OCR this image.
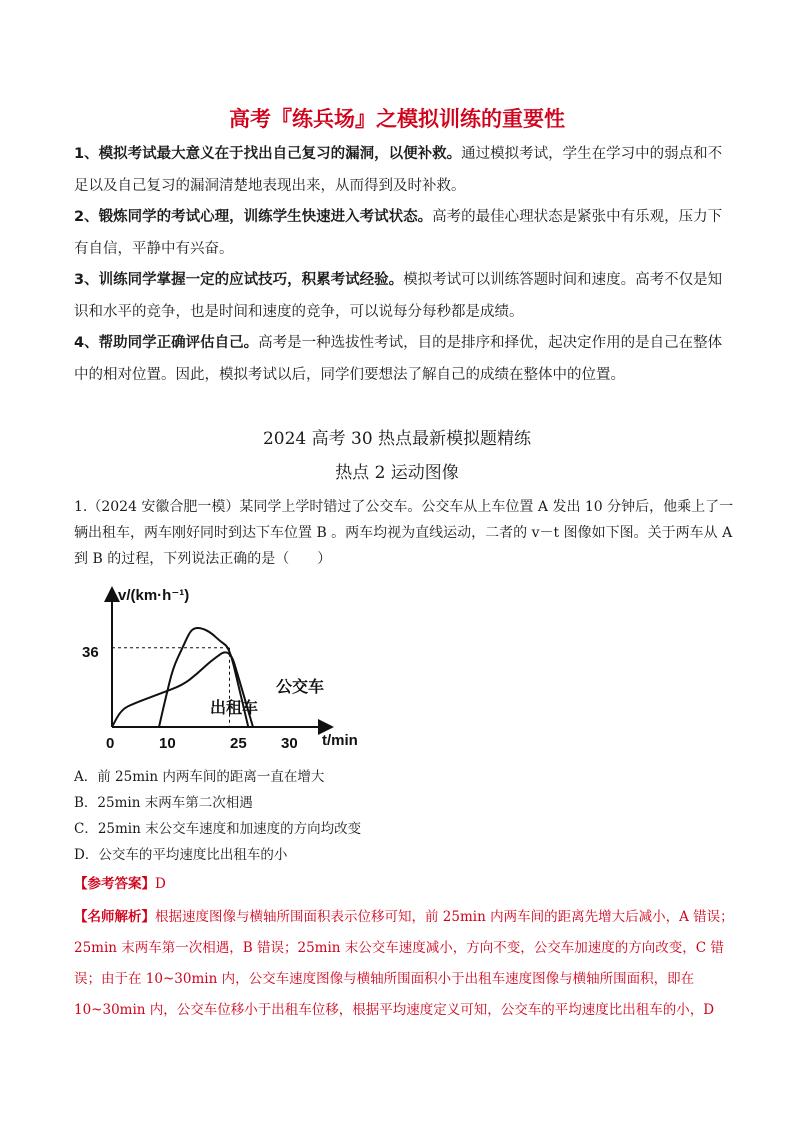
高考『练兵场』之模拟训练的重要性
1、模拟考试最大意义在于找出自己复习的漏洞，以便补救。通过模拟考试，学生在学习中的弱点和不足以及自己复习的漏洞清楚地表现出来，从而得到及时补救。
2、锻炼同学的考试心理，训练学生快速进入考试状态。高考的最佳心理状态是紧张中有乐观，压力下有自信，平静中有兴奋。
3、训练同学掌握一定的应试技巧，积累考试经验。模拟考试可以训练答题时间和速度。高考不仅是知识和水平的竞争，也是时间和速度的竞争，可以说每分每秒都是成绩。
4、帮助同学正确评估自己。高考是一种选拔性考试，目的是排序和择优，起决定作用的是自己在整体中的相对位置。因此，模拟考试以后，同学们要想法了解自己的成绩在整体中的位置。
2024 高考 30 热点最新模拟题精练
热点 2 运动图像
1.（2024 安徽合肥一模）某同学上学时错过了公交车。公交车从上车位置 A 发出 10 分钟后，他乘上了一辆出租车，两车刚好同时到达下车位置 B 。两车均视为直线运动，二者的 v－t 图像如下图。关于两车从 A 到 B 的过程，下列说法正确的是（　　）
v/(km·h⁻¹)
t/min
0	10	25 30
36
公交车
出租车
A．前 25min 内两车间的距离一直在增大
B．25min 末两车第二次相遇
C．25min 末公交车速度和加速度的方向均改变
D．公交车的平均速度比出租车的小
【参考答案】D
【名师解析】根据速度图像与横轴所围面积表示位移可知，前 25min 内两车间的距离先增大后减小，A 错误；25min 末两车第一次相遇，B 错误；25min 末公交车速度减小，方向不变，公交车加速度的方向改变，C 错误；由于在 10~30min 内，公交车速度图像与横轴所围面积小于出租车速度图像与横轴所围面积，即在 10~30min 内，公交车位移小于出租车位移，根据平均速度定义可知，公交车的平均速度比出租车的小，D
